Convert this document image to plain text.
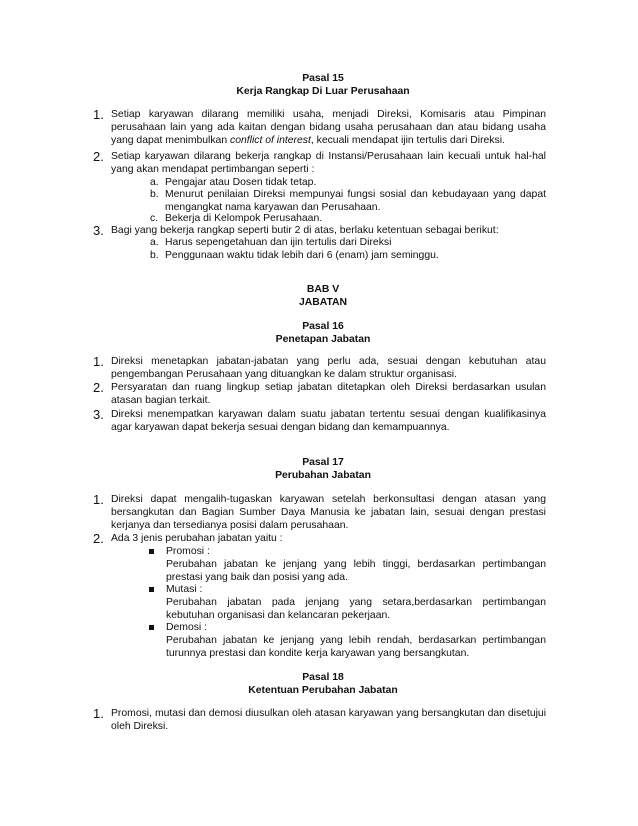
Pasal 15
Kerja Rangkap Di Luar Perusahaan
1. Setiap karyawan dilarang memiliki usaha, menjadi Direksi, Komisaris atau Pimpinan perusahaan lain yang ada kaitan dengan bidang usaha perusahaan dan atau bidang usaha yang dapat menimbulkan conflict of interest, kecuali mendapat ijin tertulis dari Direksi.
2. Setiap karyawan dilarang bekerja rangkap di Instansi/Perusahaan lain kecuali untuk hal-hal yang akan mendapat pertimbangan seperti :
a. Pengajar atau Dosen tidak tetap.
b. Menurut penilaian Direksi mempunyai fungsi sosial dan kebudayaan yang dapat mengangkat nama karyawan dan Perusahaan.
c. Bekerja di Kelompok Perusahaan.
3. Bagi yang bekerja rangkap seperti butir 2 di atas, berlaku ketentuan sebagai berikut:
a. Harus sepengetahuan dan ijin tertulis dari Direksi
b. Penggunaan waktu tidak lebih dari 6 (enam) jam seminggu.
BAB V
JABATAN
Pasal 16
Penetapan Jabatan
1. Direksi menetapkan jabatan-jabatan yang perlu ada, sesuai dengan kebutuhan atau pengembangan Perusahaan yang dituangkan ke dalam struktur organisasi.
2. Persyaratan dan ruang lingkup setiap jabatan ditetapkan oleh Direksi berdasarkan usulan atasan bagian terkait.
3. Direksi menempatkan karyawan dalam suatu jabatan tertentu sesuai dengan kualifikasinya agar karyawan dapat bekerja sesuai dengan bidang dan kemampuannya.
Pasal 17
Perubahan Jabatan
1. Direksi dapat mengalih-tugaskan karyawan setelah berkonsultasi dengan atasan yang bersangkutan dan Bagian Sumber Daya Manusia ke jabatan lain, sesuai dengan prestasi kerjanya dan tersedianya posisi dalam perusahaan.
2. Ada 3 jenis perubahan jabatan yaitu :
Promosi :
Perubahan jabatan ke jenjang yang lebih tinggi, berdasarkan pertimbangan prestasi yang baik dan posisi yang ada.
Mutasi :
Perubahan jabatan pada jenjang yang setara,berdasarkan pertimbangan kebutuhan organisasi dan kelancaran pekerjaan.
Demosi :
Perubahan jabatan ke jenjang yang lebih rendah, berdasarkan pertimbangan turunnya prestasi dan kondite kerja karyawan yang bersangkutan.
Pasal 18
Ketentuan Perubahan Jabatan
1. Promosi, mutasi dan demosi diusulkan oleh atasan karyawan yang bersangkutan dan disetujui oleh Direksi.
